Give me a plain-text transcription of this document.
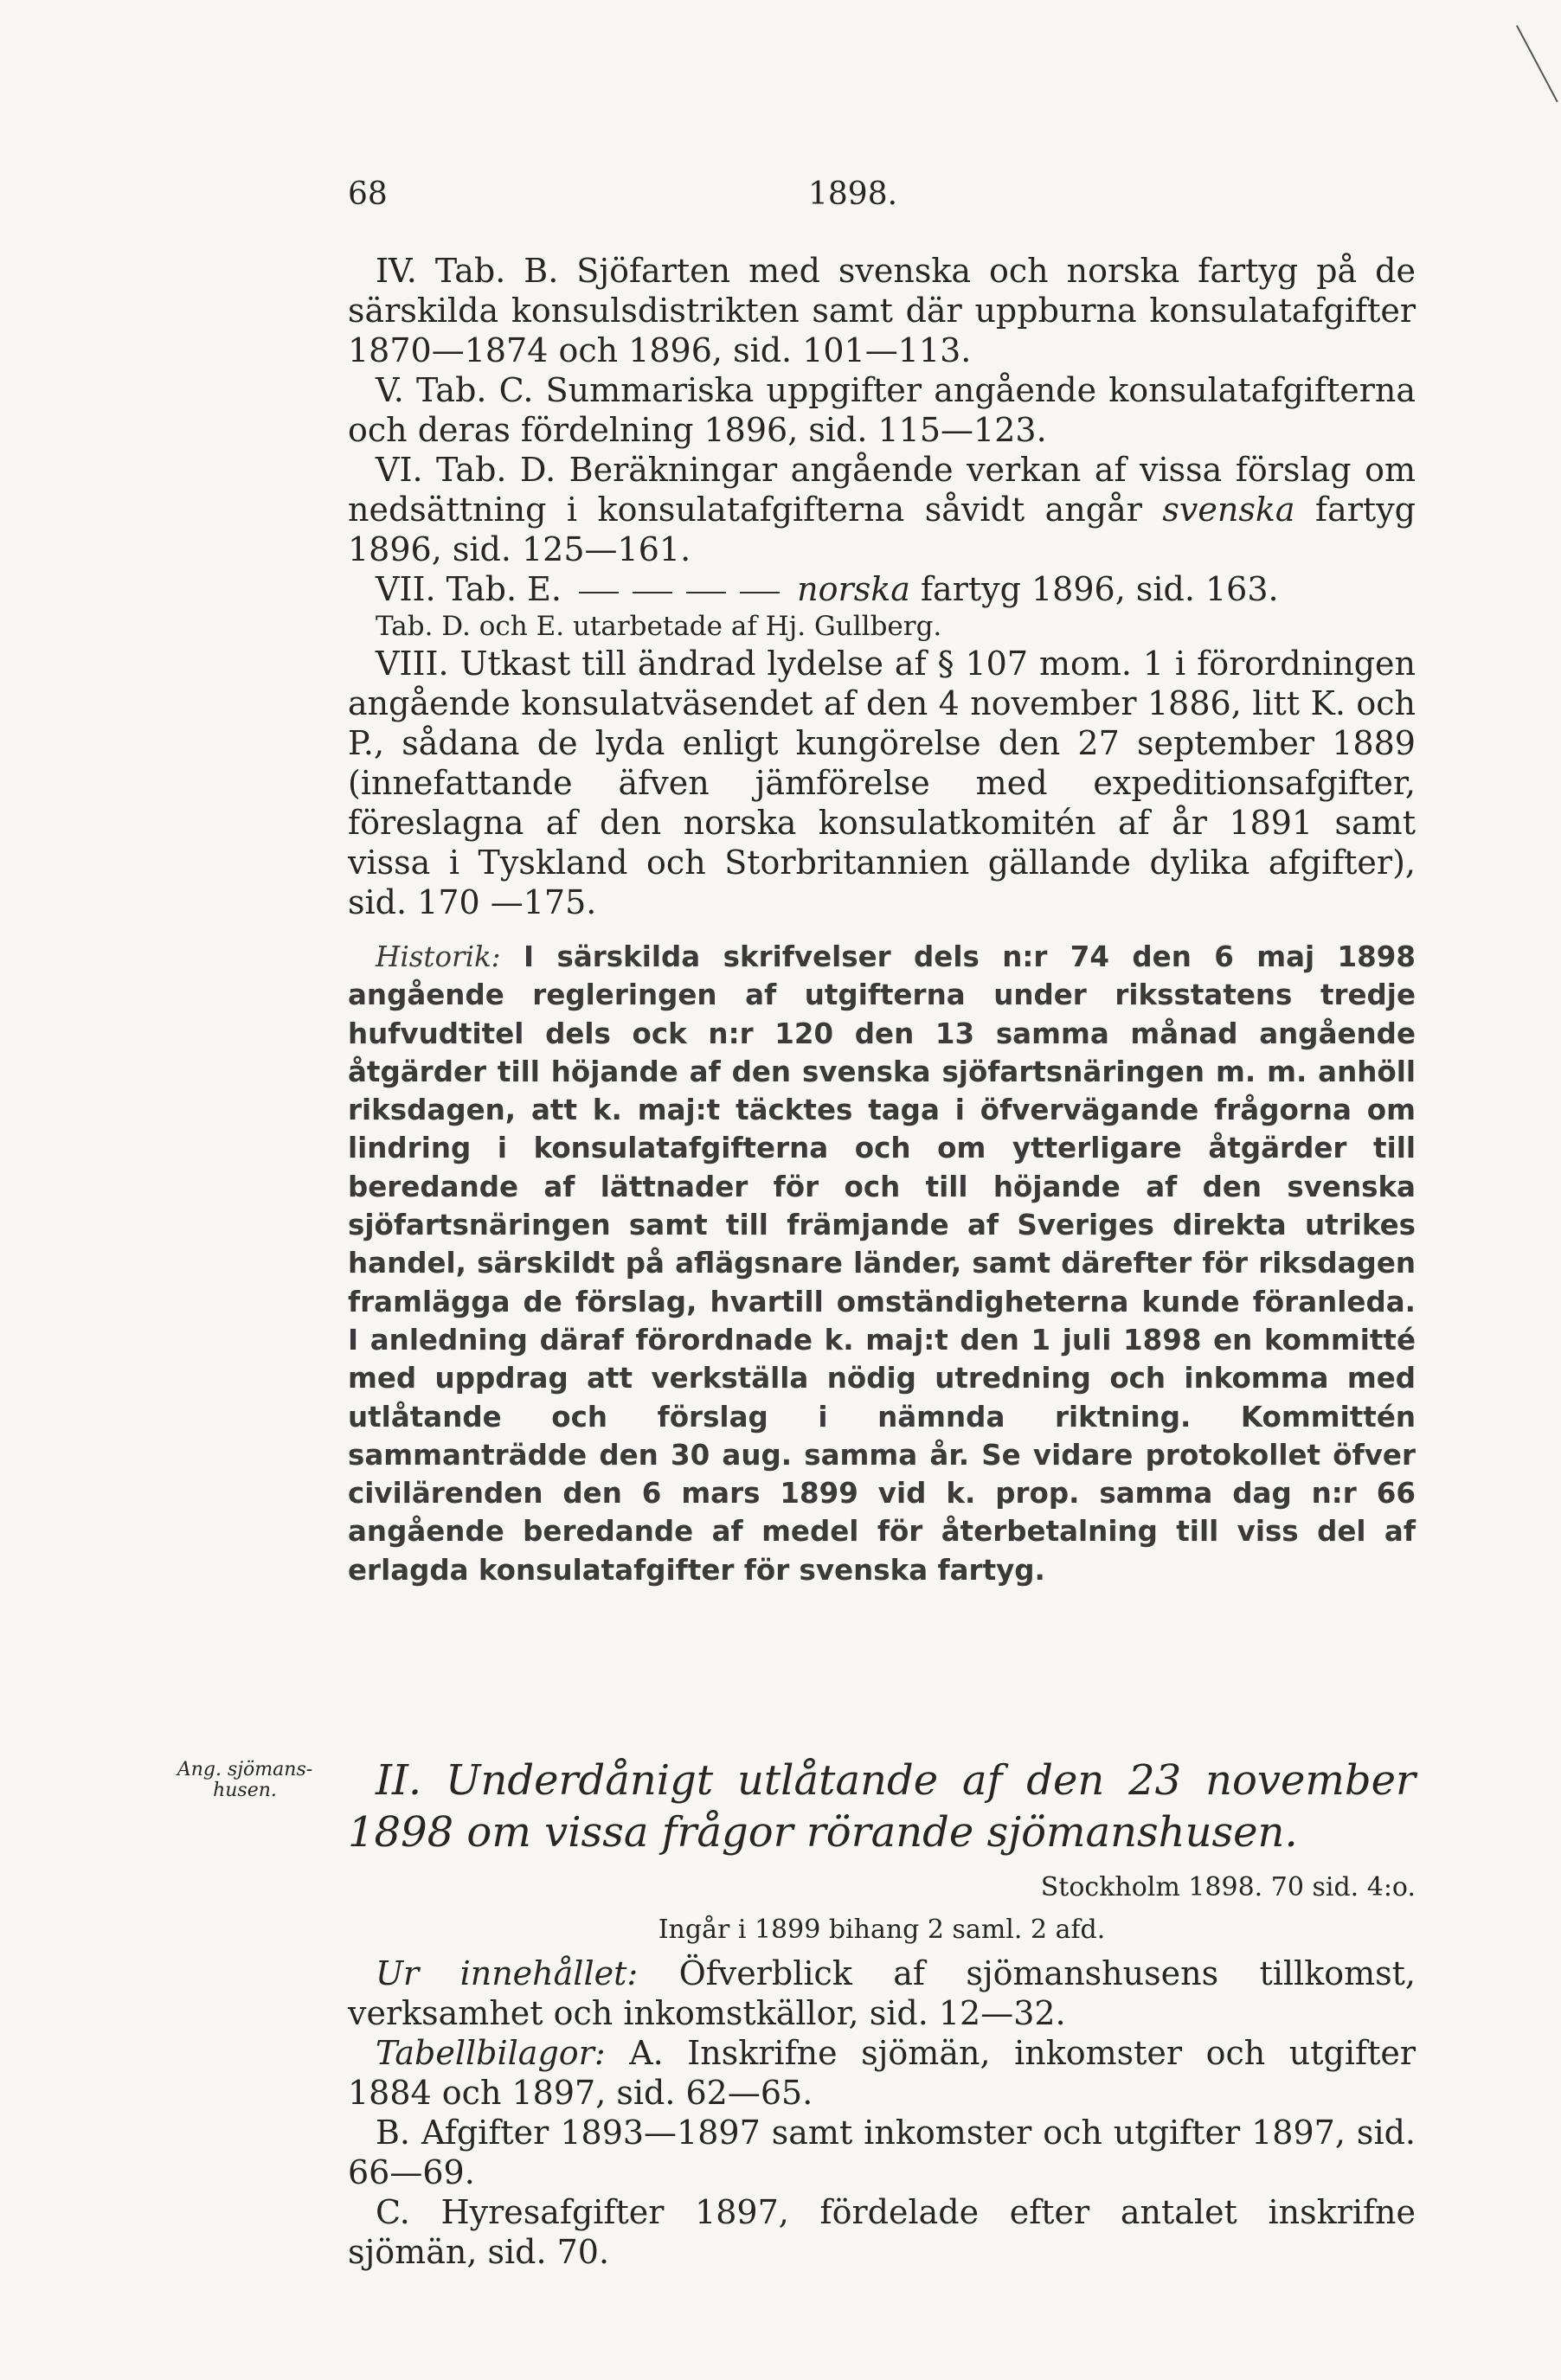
68	1898.

IV. Tab. B. Sjöfarten med svenska och norska fartyg på de särskilda konsulsdistrikten samt där uppburna konsulatafgifter 1870—1874 och 1896, sid. 101—113.

V. Tab. C. Summariska uppgifter angående konsulatafgifterna och deras fördelning 1896, sid. 115—123.

VI. Tab. D. Beräkningar angående verkan af vissa förslag om nedsättning i konsulatafgifterna såvidt angår svenska fartyg 1896, sid. 125—161.

VII. Tab. E.	norska fartyg 1896, sid. 163.

Tab. D. och E. utarbetade af Hj. Gullberg.

VIII. Utkast till ändrad lydelse af § 107 mom. 1 i förordningen angående konsulatväsendet af den 4 november 1886, litt K. och P., sådana de lyda enligt kungörelse den 27 september 1889 (innefattande äfven jämförelse med expeditionsafgifter, föreslagna af den norska konsulatkomitén af år 1891 samt vissa i Tyskland och Storbritannien gällande dylika afgifter), sid. 170 —175.

Historik: I särskilda skrifvelser dels n:r 74 den 6 maj 1898 angående regleringen af utgifterna under riksstatens tredje hufvudtitel dels ock n:r 120 den 13 samma månad angående åtgärder till höjande af den svenska sjöfartsnäringen m. m. anhöll riksdagen, att k. maj:t täcktes taga i öfvervägande frågorna om lindring i konsulatafgifterna och om ytterligare åtgärder till beredande af lättnader för och till höjande af den svenska sjöfartsnäringen samt till främjande af Sveriges direkta utrikes handel, särskildt på aflägsnare länder, samt därefter för riksdagen framlägga de förslag, hvartill omständigheterna kunde föranleda. I anledning däraf förordnade k. maj:t den 1 juli 1898 en kommitté med uppdrag att verkställa nödig utredning och inkomma med utlåtande och förslag i nämnda riktning. Kommittén sammanträdde den 30 aug. samma år. Se vidare protokollet öfver civilärenden den 6 mars 1899 vid k. prop. samma dag n:r 66 angående beredande af medel för återbetalning till viss del af erlagda konsulatafgifter för svenska fartyg.

Ang. sjömans-
husen.	II. Underdånigt utlåtande af den 23 november 1898 om vissa frågor rörande sjömanshusen.

Stockholm 1898. 70 sid. 4:o.

Ingår i 1899 bihang 2 saml. 2 afd.

Ur innehållet: Öfverblick af sjömanshusens tillkomst, verksamhet och inkomstkällor, sid. 12—32.

Tabellbilagor: A. Inskrifne sjömän, inkomster och utgifter 1884 och 1897, sid. 62—65.

B. Afgifter 1893—1897 samt inkomster och utgifter 1897, sid. 66—69.

C. Hyresafgifter 1897, fördelade efter antalet inskrifne sjömän, sid. 70.
